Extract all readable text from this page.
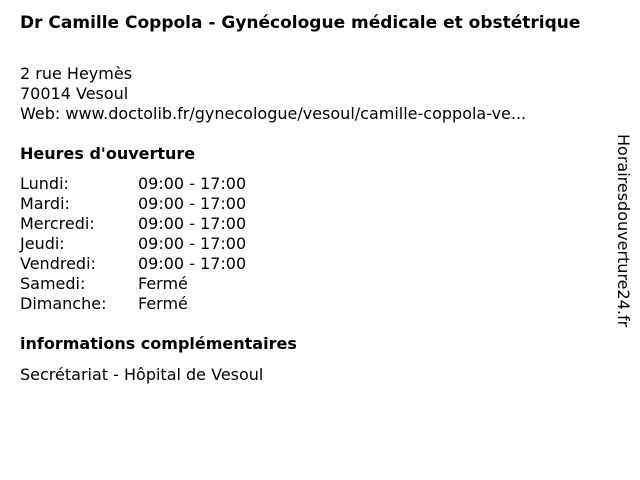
Dr Camille Coppola - Gynécologue médicale et obstétrique
2 rue Heymès
70014 Vesoul
Web: www.doctolib.fr/gynecologue/vesoul/camille-coppola-ve...
Heures d'ouverture
Lundi:	09:00 - 17:00
Mardi:	09:00 - 17:00
Mercredi:	09:00 - 17:00
Jeudi:	09:00 - 17:00
Vendredi:	09:00 - 17:00
Samedi:	Fermé
Dimanche:	Fermé
informations complémentaires
Secrétariat - Hôpital de Vesoul
Horairesdouverture24.fr
